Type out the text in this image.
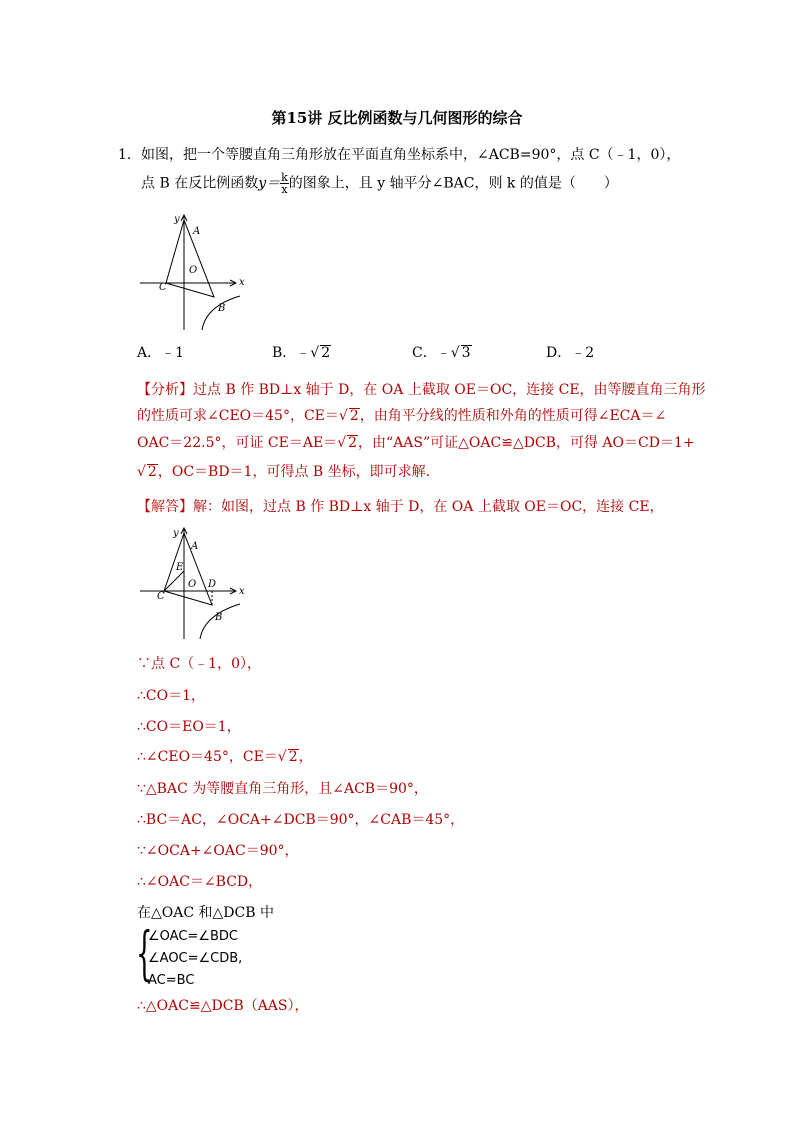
第15讲 反比例函数与几何图形的综合
1． 如图，把一个等腰直角三角形放在平面直角坐标系中，∠ACB=90°，点 C（﹣1，0），
点 B 在反比例函数$y= \frac{k}{x}$ 的图象上，且 y 轴平分∠BAC，则 k 的值是（　　）
y
A
O
x
C
B
A．﹣1	B．﹣√ 2	C．﹣√ 3	D．﹣2
【分析】过点 B 作 BD⊥x 轴于 D，在 OA 上截取 OE＝OC，连接 CE，由等腰直角三角形
的性质可求∠CEO＝45°，CE＝√ 2，由角平分线的性质和外角的性质可得∠ECA＝∠
OAC＝22.5°，可证 CE＝AE＝√ 2，由“AAS”可证△OAC≌△DCB，可得 AO＝CD＝1+
√ 2，OC＝BD＝1，可得点 B 坐标，即可求解．
【解答】解：如图，过点 B 作 BD⊥x 轴于 D，在 OA 上截取 OE＝OC，连接 CE，
y
A
E
O D
x
C
B
∵点 C（﹣1，0），
∴CO＝1，
∴CO＝EO＝1，
∴∠CEO＝45°，CE＝√ 2，
∵△BAC 为等腰直角三角形，且∠ACB＝90°，
∴BC＝AC，∠OCA+∠DCB＝90°，∠CAB＝45°，
∵∠OCA+∠OAC＝90°，
∴∠OAC＝∠BCD，
在△OAC 和△DCB 中
{
∠OAC=∠BDC
∠AOC=∠CDB,
AC=BC
∴△OAC≌△DCB（AAS），
